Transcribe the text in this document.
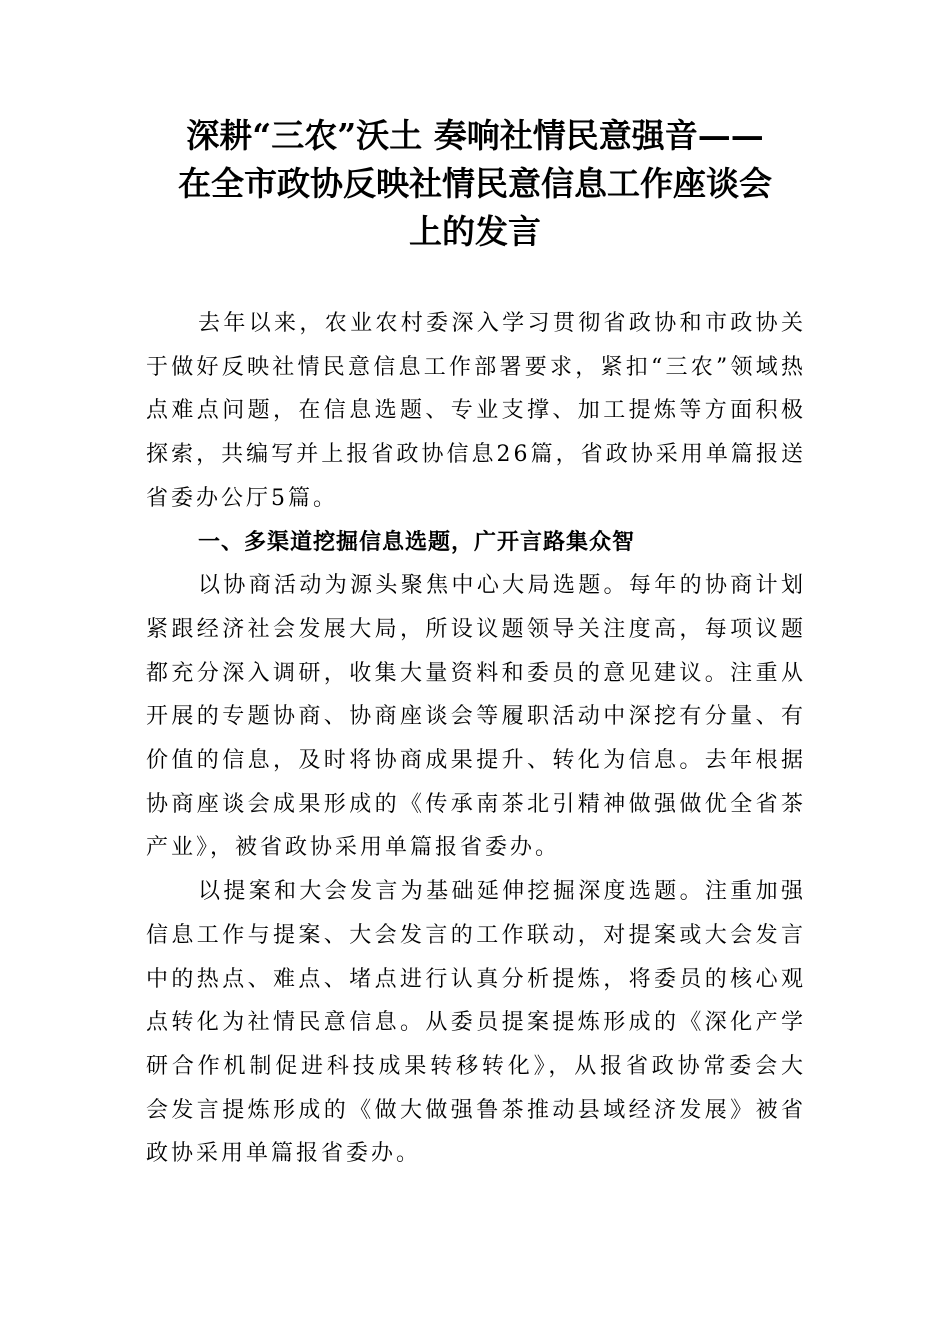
深耕“三农”沃土 奏响社情民意强音——
在全市政协反映社情民意信息工作座谈会
上的发言

去年以来，农业农村委深入学习贯彻省政协和市政协关于做好反映社情民意信息工作部署要求，紧扣“三农”领域热点难点问题，在信息选题、专业支撑、加工提炼等方面积极探索，共编写并上报省政协信息26篇，省政协采用单篇报送省委办公厅5篇。

一、多渠道挖掘信息选题，广开言路集众智

以协商活动为源头聚焦中心大局选题。每年的协商计划紧跟经济社会发展大局，所设议题领导关注度高，每项议题都充分深入调研，收集大量资料和委员的意见建议。注重从开展的专题协商、协商座谈会等履职活动中深挖有分量、有价值的信息，及时将协商成果提升、转化为信息。去年根据协商座谈会成果形成的《传承南茶北引精神做强做优全省茶产业》，被省政协采用单篇报省委办。

以提案和大会发言为基础延伸挖掘深度选题。注重加强信息工作与提案、大会发言的工作联动，对提案或大会发言中的热点、难点、堵点进行认真分析提炼，将委员的核心观点转化为社情民意信息。从委员提案提炼形成的《深化产学研合作机制促进科技成果转移转化》，从报省政协常委会大会发言提炼形成的《做大做强鲁茶推动县域经济发展》被省政协采用单篇报省委办。
